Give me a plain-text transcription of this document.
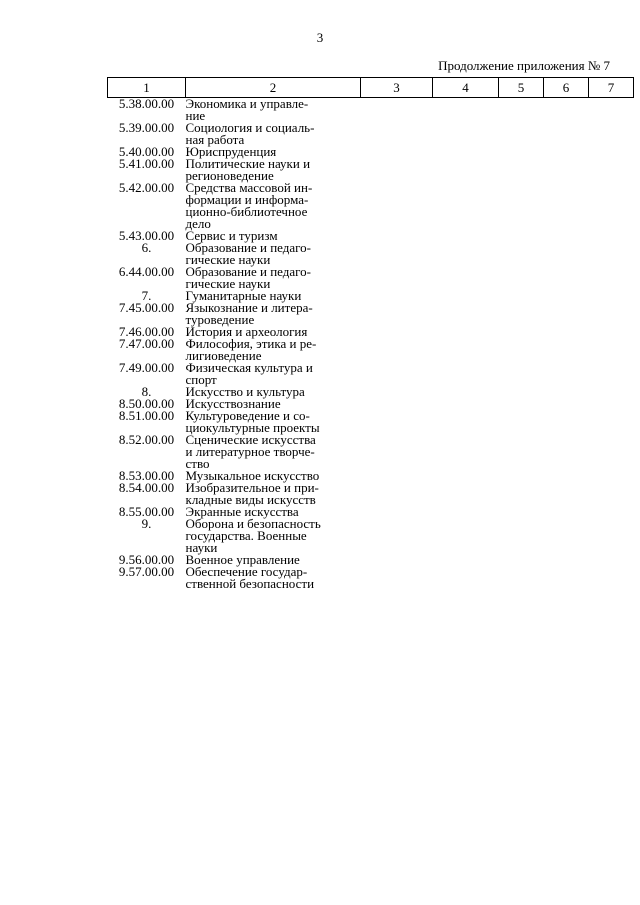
3
Продолжение приложения № 7
1	2	3	4	5	6	7
5.38.00.00	Экономика и управле-
ние					

5.39.00.00	Социология и социаль-
ная работа					

5.40.00.00	Юриспруденция					

5.41.00.00	Политические науки и
регионоведение					

5.42.00.00	Средства массовой ин-
формации и информа-
ционно-библиотечное
дело					

5.43.00.00	Сервис и туризм					

6.	Образование и педаго-
гические науки					

6.44.00.00	Образование и педаго-
гические науки					

7.	Гуманитарные науки					

7.45.00.00	Языкознание и литера-
туроведение					

7.46.00.00	История и археология					

7.47.00.00	Философия, этика и ре-
лигиоведение					

7.49.00.00	Физическая культура и
спорт					

8.	Искусство и культура					

8.50.00.00	Искусствознание					

8.51.00.00	Культуроведение и со-
циокультурные проекты					

8.52.00.00	Сценические искусства
и литературное творче-
ство					

8.53.00.00	Музыкальное искусство					

8.54.00.00	Изобразительное и при-
кладные виды искусств					

8.55.00.00	Экранные искусства					

9.	Оборона и безопасность
государства. Военные
науки					

9.56.00.00	Военное управление					

9.57.00.00	Обеспечение государ-
ственной безопасности					
